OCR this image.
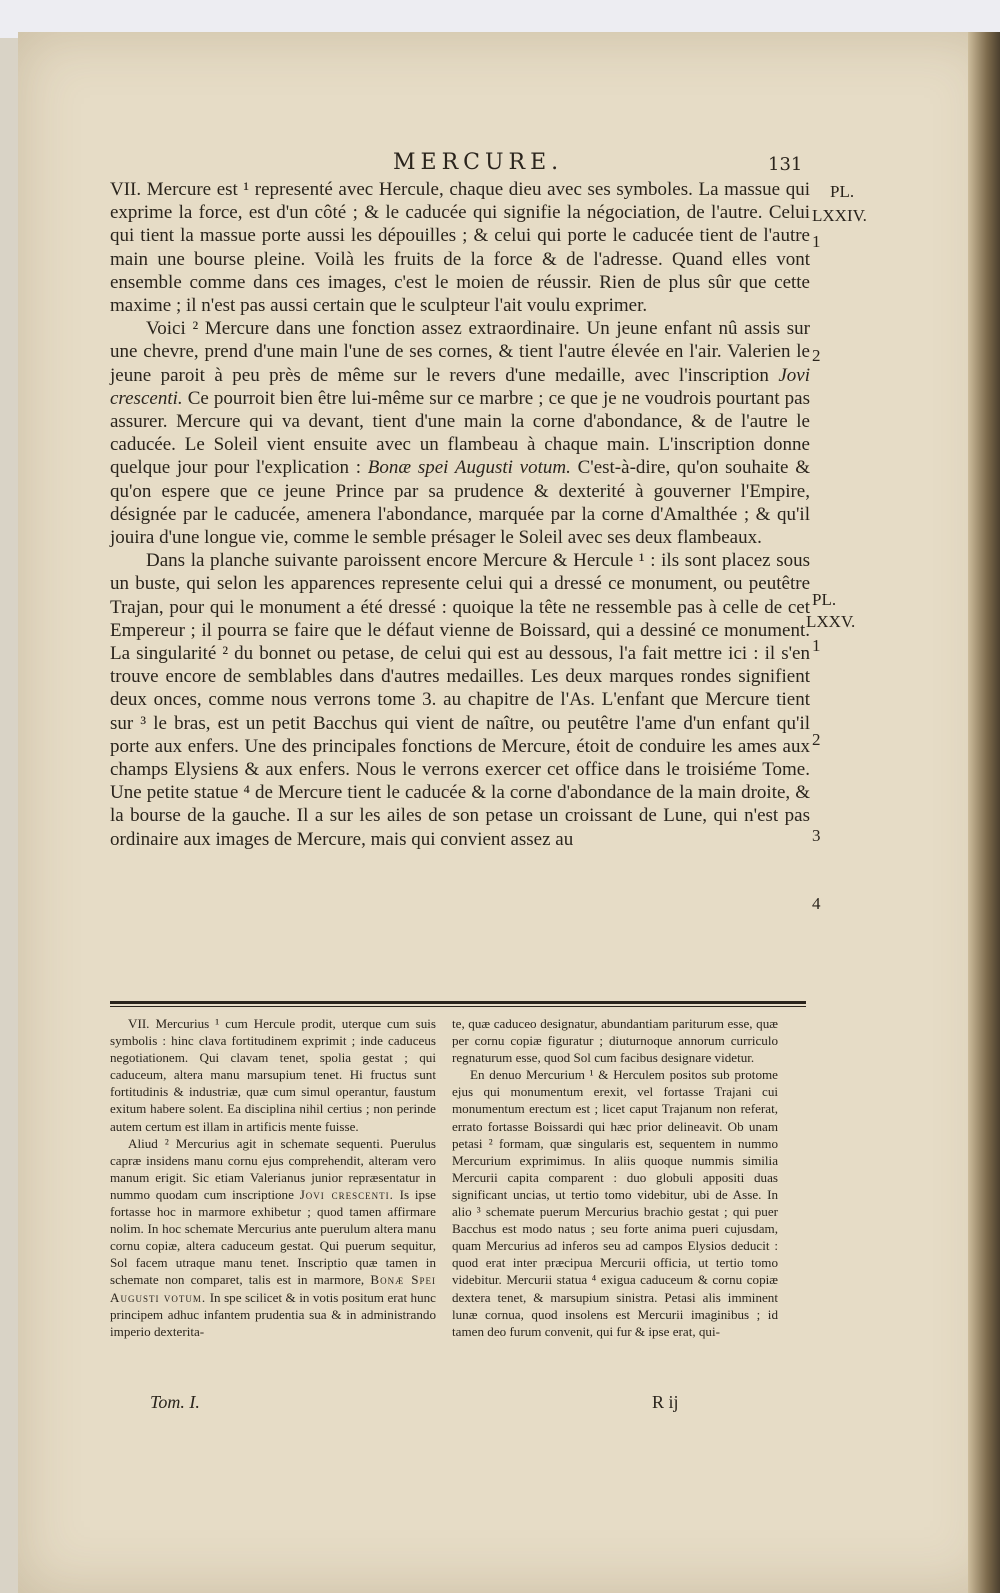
MERCURE.	131

VII. Mercure est ¹ representé avec Hercule, chaque dieu avec ses symboles. La massue qui exprime la force, est d'un côté ; & le caducée qui signifie la négociation, de l'autre. Celui qui tient la massue porte aussi les dépouilles ; & celui qui porte le caducée tient de l'autre main une bourse pleine. Voilà les fruits de la force & de l'adresse. Quand elles vont ensemble comme dans ces images, c'est le moien de réussir. Rien de plus sûr que cette maxime ; il n'est pas aussi certain que le sculpteur l'ait voulu exprimer.

Voici ² Mercure dans une fonction assez extraordinaire. Un jeune enfant nû assis sur une chevre, prend d'une main l'une de ses cornes, & tient l'autre élevée en l'air. Valerien le jeune paroit à peu près de même sur le revers d'une medaille, avec l'inscription Jovi crescenti. Ce pourroit bien être lui-même sur ce marbre ; ce que je ne voudrois pourtant pas assurer. Mercure qui va devant, tient d'une main la corne d'abondance, & de l'autre le caducée. Le Soleil vient ensuite avec un flambeau à chaque main. L'inscription donne quelque jour pour l'explication : Bonæ spei Augusti votum. C'est-à-dire, qu'on souhaite & qu'on espere que ce jeune Prince par sa prudence & dexterité à gouverner l'Empire, désignée par le caducée, amenera l'abondance, marquée par la corne d'Amalthée ; & qu'il jouira d'une longue vie, comme le semble présager le Soleil avec ses deux flambeaux.

Dans la planche suivante paroissent encore Mercure & Hercule ¹ : ils sont placez sous un buste, qui selon les apparences represente celui qui a dressé ce monument, ou peutêtre Trajan, pour qui le monument a été dressé : quoique la tête ne ressemble pas à celle de cet Empereur ; il pourra se faire que le défaut vienne de Boissard, qui a dessiné ce monument. La singularité ² du bonnet ou petase, de celui qui est au dessous, l'a fait mettre ici : il s'en trouve encore de semblables dans d'autres medailles. Les deux marques rondes signifient deux onces, comme nous verrons tome 3. au chapitre de l'As. L'enfant que Mercure tient sur ³ le bras, est un petit Bacchus qui vient de naître, ou peutêtre l'ame d'un enfant qu'il porte aux enfers. Une des principales fonctions de Mercure, étoit de conduire les ames aux champs Elysiens & aux enfers. Nous le verrons exercer cet office dans le troisiéme Tome. Une petite statue ⁴ de Mercure tient le caducée & la corne d'abondance de la main droite, & la bourse de la gauche. Il a sur les ailes de son petase un croissant de Lune, qui n'est pas ordinaire aux images de Mercure, mais qui convient assez au

PL.
LXXIV.
1
2
PL.
LXXV.
1
2
3
4

VII. Mercurius ¹ cum Hercule prodit, uterque cum suis symbolis : hinc clava fortitudinem exprimit ; inde caduceus negotiationem. Qui clavam tenet, spolia gestat ; qui caduceum, altera manu marsupium tenet. Hi fructus sunt fortitudinis & industriæ, quæ cum simul operantur, faustum exitum habere solent. Ea disciplina nihil certius ; non perinde autem certum est illam in artificis mente fuisse.

Aliud ² Mercurius agit in schemate sequenti. Puerulus capræ insidens manu cornu ejus comprehendit, alteram vero manum erigit. Sic etiam Valerianus junior repræsentatur in nummo quodam cum inscriptione Jovi crescenti. Is ipse fortasse hoc in marmore exhibetur ; quod tamen affirmare nolim. In hoc schemate Mercurius ante puerulum altera manu cornu copiæ, altera caduceum gestat. Qui puerum sequitur, Sol facem utraque manu tenet. Inscriptio quæ tamen in schemate non comparet, talis est in marmore, Bonæ Spei Augusti votum. In spe scilicet & in votis positum erat hunc principem adhuc infantem prudentia sua & in administrando imperio dexterita-

te, quæ caduceo designatur, abundantiam pariturum esse, quæ per cornu copiæ figuratur ; diuturnoque annorum curriculo regnaturum esse, quod Sol cum facibus designare videtur.

En denuo Mercurium ¹ & Herculem positos sub protome ejus qui monumentum erexit, vel fortasse Trajani cui monumentum erectum est ; licet caput Trajanum non referat, errato fortasse Boissardi qui hæc prior delineavit. Ob unam petasi ² formam, quæ singularis est, sequentem in nummo Mercurium exprimimus. In aliis quoque nummis similia Mercurii capita comparent : duo globuli appositi duas significant uncias, ut tertio tomo videbitur, ubi de Asse. In alio ³ schemate puerum Mercurius brachio gestat ; qui puer Bacchus est modo natus ; seu forte anima pueri cujusdam, quam Mercurius ad inferos seu ad campos Elysios deducit : quod erat inter præcipua Mercurii officia, ut tertio tomo videbitur. Mercurii statua ⁴ exigua caduceum & cornu copiæ dextera tenet, & marsupium sinistra. Petasi alis imminent lunæ cornua, quod insolens est Mercurii imaginibus ; id tamen deo furum convenit, qui fur & ipse erat, qui-

Tom. I.	R ij
